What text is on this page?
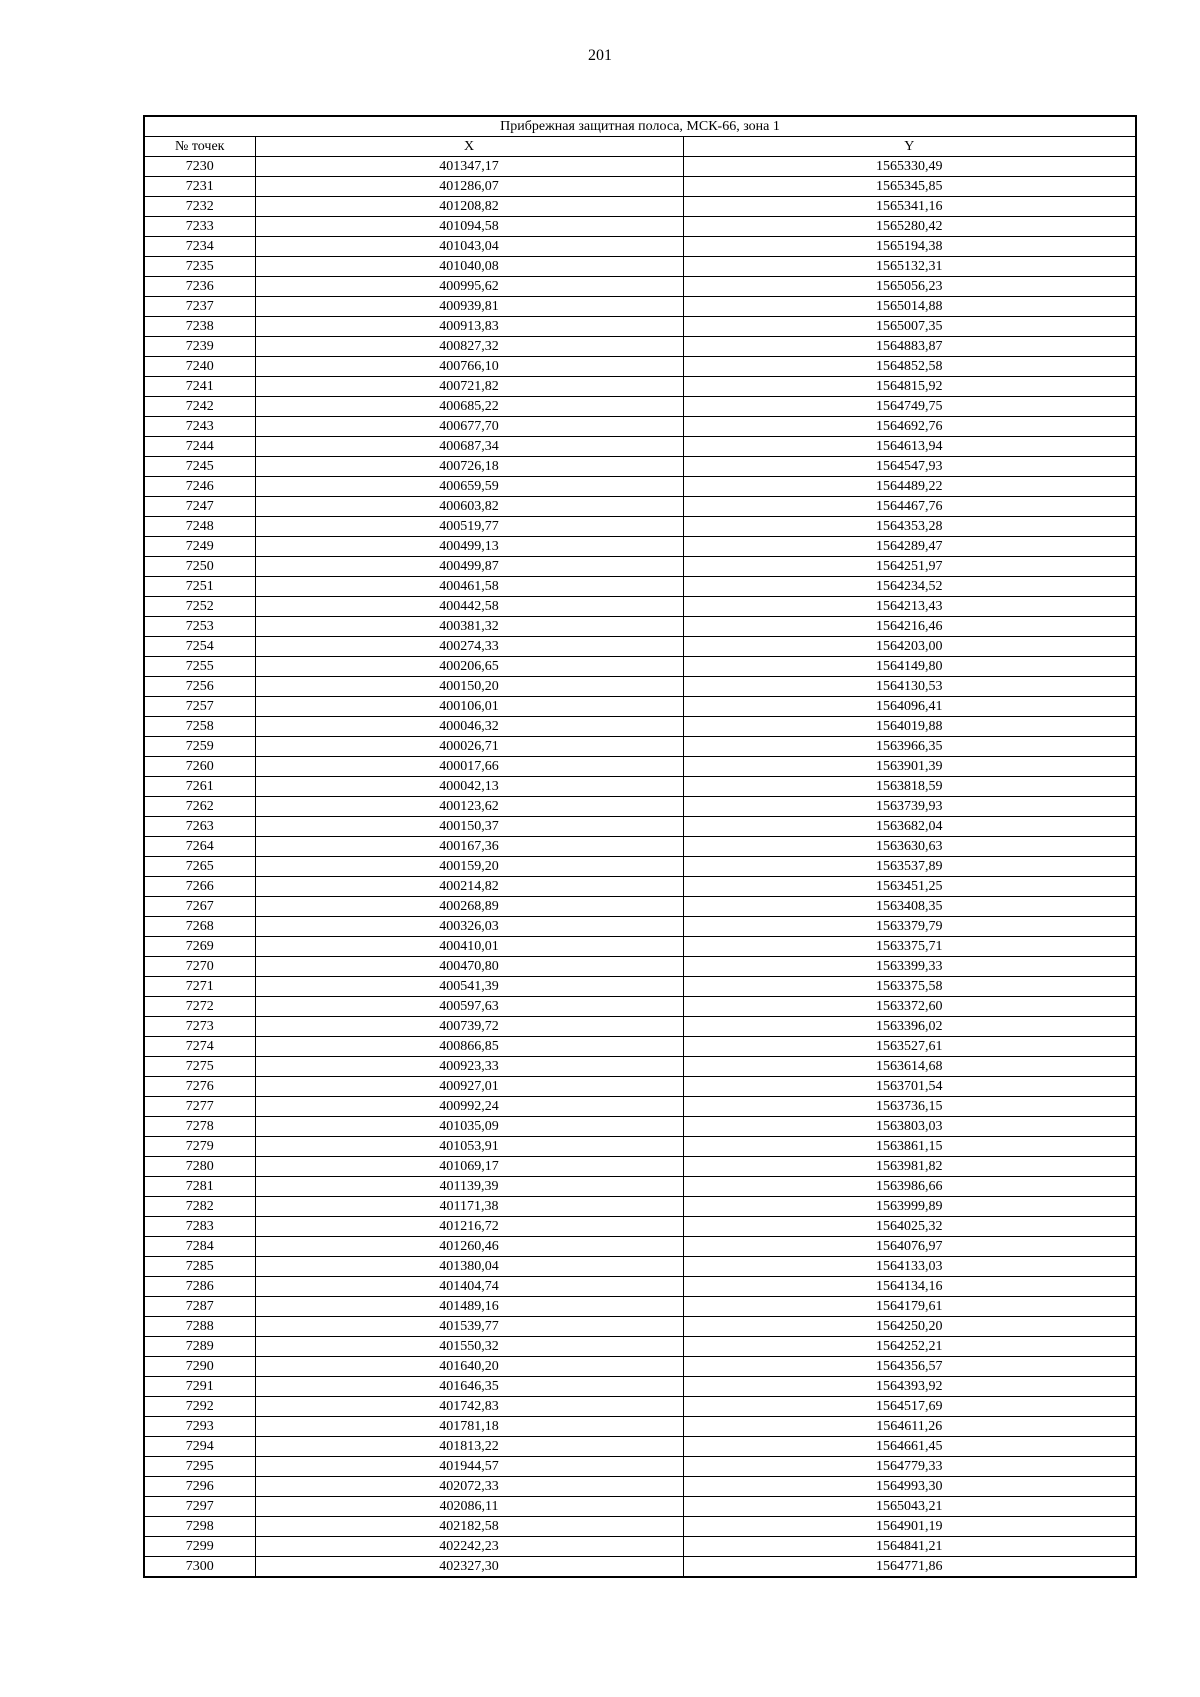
201
Прибрежная защитная полоса, МСК-66, зона 1		
№ точек	X	Y
7230	401347,17	1565330,49
7231	401286,07	1565345,85
7232	401208,82	1565341,16
7233	401094,58	1565280,42
7234	401043,04	1565194,38
7235	401040,08	1565132,31
7236	400995,62	1565056,23
7237	400939,81	1565014,88
7238	400913,83	1565007,35
7239	400827,32	1564883,87
7240	400766,10	1564852,58
7241	400721,82	1564815,92
7242	400685,22	1564749,75
7243	400677,70	1564692,76
7244	400687,34	1564613,94
7245	400726,18	1564547,93
7246	400659,59	1564489,22
7247	400603,82	1564467,76
7248	400519,77	1564353,28
7249	400499,13	1564289,47
7250	400499,87	1564251,97
7251	400461,58	1564234,52
7252	400442,58	1564213,43
7253	400381,32	1564216,46
7254	400274,33	1564203,00
7255	400206,65	1564149,80
7256	400150,20	1564130,53
7257	400106,01	1564096,41
7258	400046,32	1564019,88
7259	400026,71	1563966,35
7260	400017,66	1563901,39
7261	400042,13	1563818,59
7262	400123,62	1563739,93
7263	400150,37	1563682,04
7264	400167,36	1563630,63
7265	400159,20	1563537,89
7266	400214,82	1563451,25
7267	400268,89	1563408,35
7268	400326,03	1563379,79
7269	400410,01	1563375,71
7270	400470,80	1563399,33
7271	400541,39	1563375,58
7272	400597,63	1563372,60
7273	400739,72	1563396,02
7274	400866,85	1563527,61
7275	400923,33	1563614,68
7276	400927,01	1563701,54
7277	400992,24	1563736,15
7278	401035,09	1563803,03
7279	401053,91	1563861,15
7280	401069,17	1563981,82
7281	401139,39	1563986,66
7282	401171,38	1563999,89
7283	401216,72	1564025,32
7284	401260,46	1564076,97
7285	401380,04	1564133,03
7286	401404,74	1564134,16
7287	401489,16	1564179,61
7288	401539,77	1564250,20
7289	401550,32	1564252,21
7290	401640,20	1564356,57
7291	401646,35	1564393,92
7292	401742,83	1564517,69
7293	401781,18	1564611,26
7294	401813,22	1564661,45
7295	401944,57	1564779,33
7296	402072,33	1564993,30
7297	402086,11	1565043,21
7298	402182,58	1564901,19
7299	402242,23	1564841,21
7300	402327,30	1564771,86
